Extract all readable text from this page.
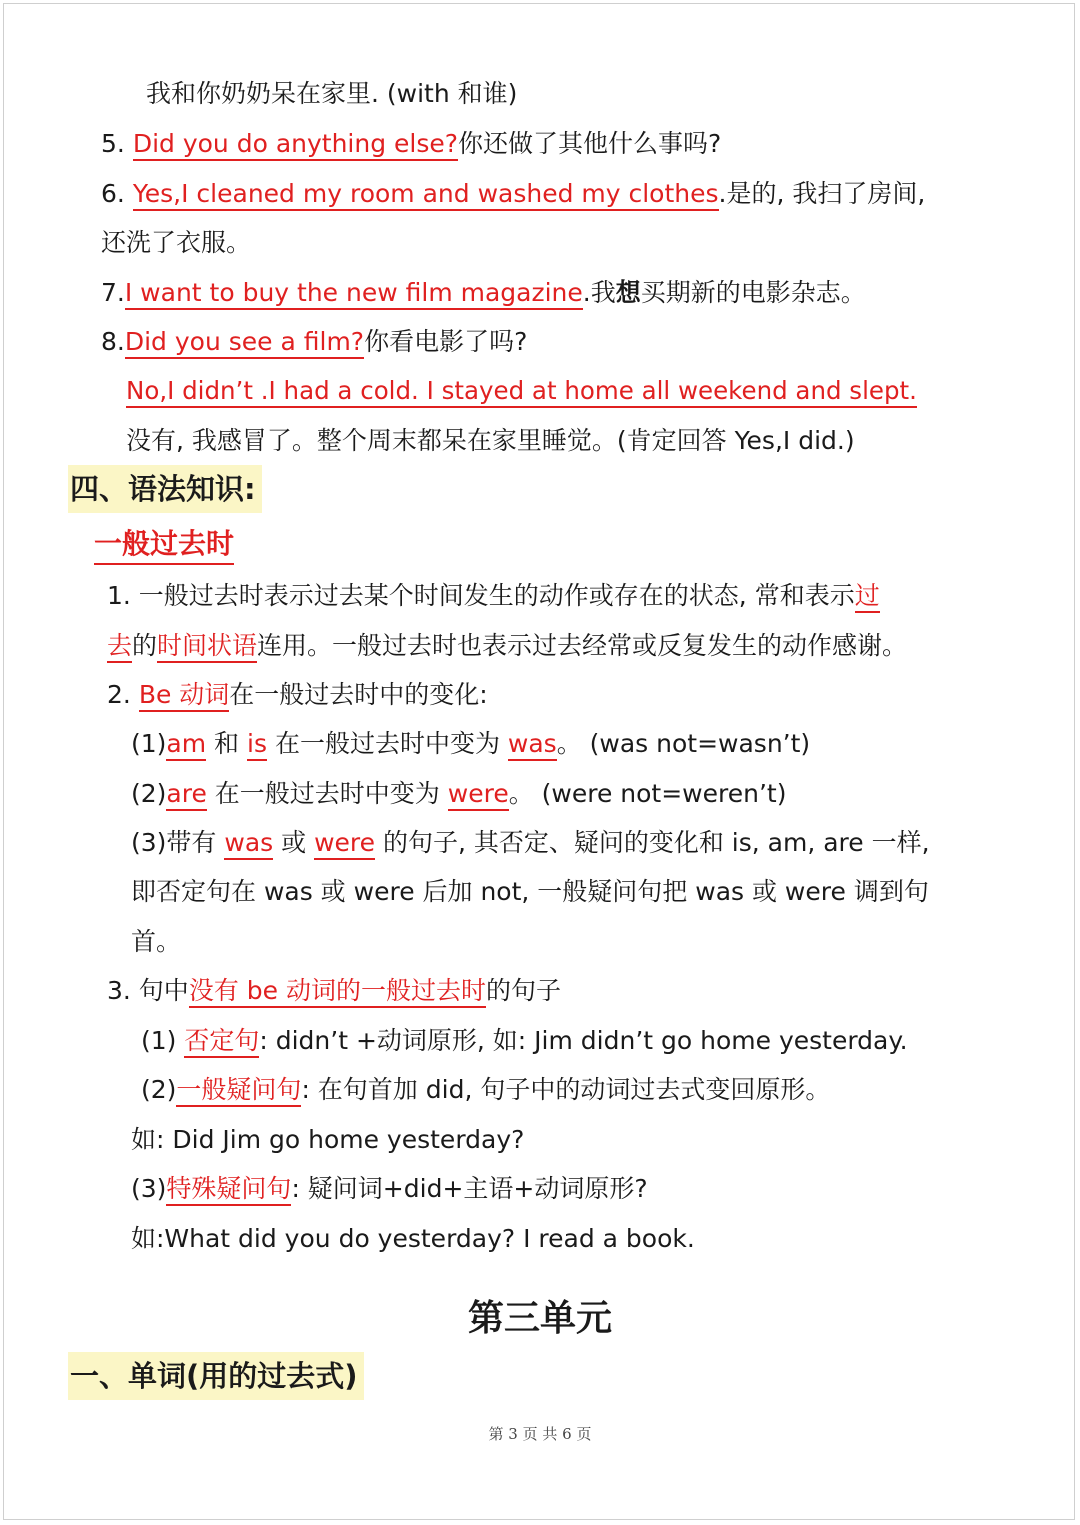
我和你奶奶呆在家里. (with 和谁)
5. Did you do anything else?你还做了其他什么事吗?
6. Yes,I cleaned my room and washed my clothes.是的, 我扫了房间,
还洗了衣服。
7.I want to buy the new film magazine.我想买期新的电影杂志。
8.Did you see a film?你看电影了吗?
No,I didn’t .I had a cold. I stayed at home all weekend and slept.
没有, 我感冒了。整个周末都呆在家里睡觉。(肯定回答 Yes,I did.)
四、语法知识:
一般过去时
1. 一般过去时表示过去某个时间发生的动作或存在的状态, 常和表示过
去的时间状语连用。一般过去时也表示过去经常或反复发生的动作感谢。
2. Be 动词在一般过去时中的变化:
(1)am 和 is 在一般过去时中变为 was。 (was not=wasn’t)
(2)are 在一般过去时中变为 were。 (were not=weren’t)
(3)带有 was 或 were 的句子, 其否定、疑问的变化和 is, am, are 一样,
即否定句在 was 或 were 后加 not, 一般疑问句把 was 或 were 调到句
首。
3. 句中没有 be 动词的一般过去时的句子
(1) 否定句: didn’t +动词原形, 如: Jim didn’t go home yesterday.
(2)一般疑问句: 在句首加 did, 句子中的动词过去式变回原形。
如: Did Jim go home yesterday?
(3)特殊疑问句: 疑问词+did+主语+动词原形?
如:What did you do yesterday? I read a book.
第三单元
一、单词(用的过去式)
第 3 页 共 6 页
